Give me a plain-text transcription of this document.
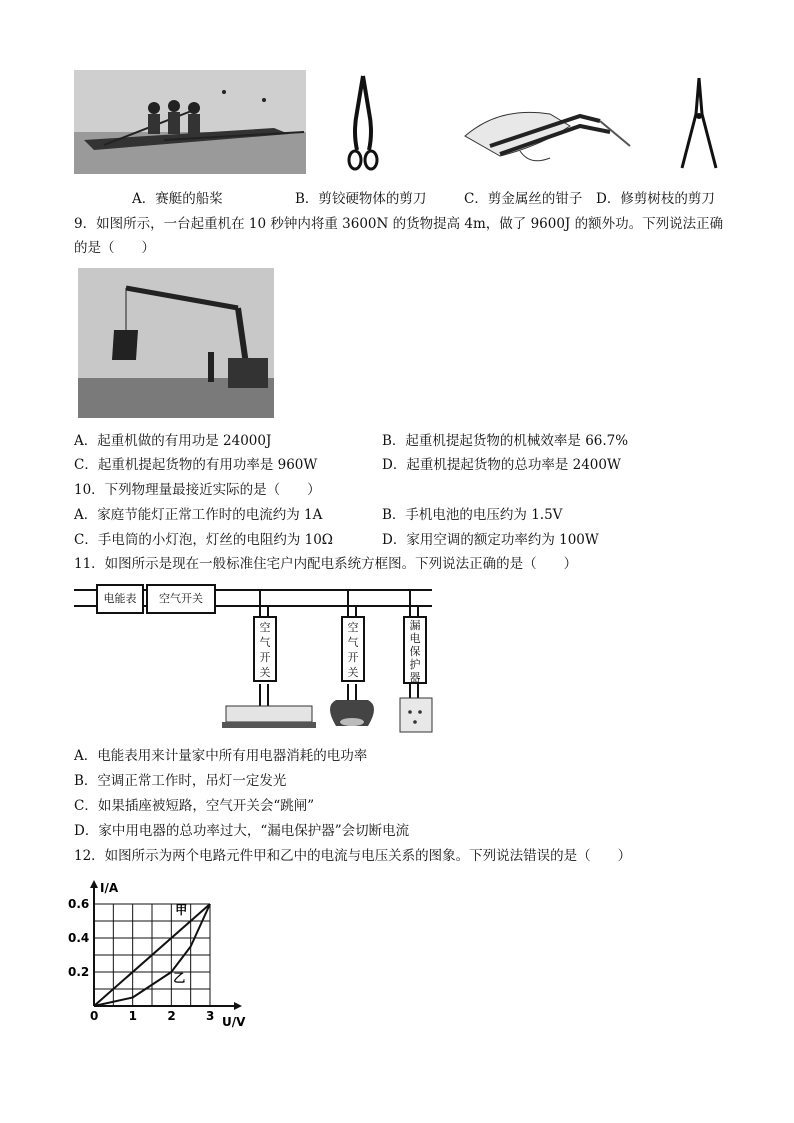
A．赛艇的船桨	B．剪铰硬物体的剪刀	C．剪金属丝的钳子 D．修剪树枝的剪刀
9．如图所示，一台起重机在 10 秒钟内将重 3600N 的货物提高 4m，做了 9600J 的额外功。下列说法正确
的是（　　）
A．起重机做的有用功是 24000J	B．起重机提起货物的机械效率是 66.7%
C．起重机提起货物的有用功率是 960W	D．起重机提起货物的总功率是 2400W
10．下列物理量最接近实际的是（　　）
A．家庭节能灯正常工作时的电流约为 1A	B．手机电池的电压约为 1.5V
C．手电筒的小灯泡，灯丝的电阻约为 10Ω	D．家用空调的额定功率约为 100W
11．如图所示是现在一般标准住宅户内配电系统方框图。下列说法正确的是（　　）
电能表	空气开关
空
气
开
关
空
气
开
关
漏
电
保
护
器
A．电能表用来计量家中所有用电器消耗的电功率
B．空调正常工作时，吊灯一定发光
C．如果插座被短路，空气开关会“跳闸”
D．家中用电器的总功率过大，“漏电保护器”会切断电流
12．如图所示为两个电路元件甲和乙中的电流与电压关系的图象。下列说法错误的是（　　）
I/A
U/V
0	1	2	3
0.2
0.4
0.6	甲
乙
